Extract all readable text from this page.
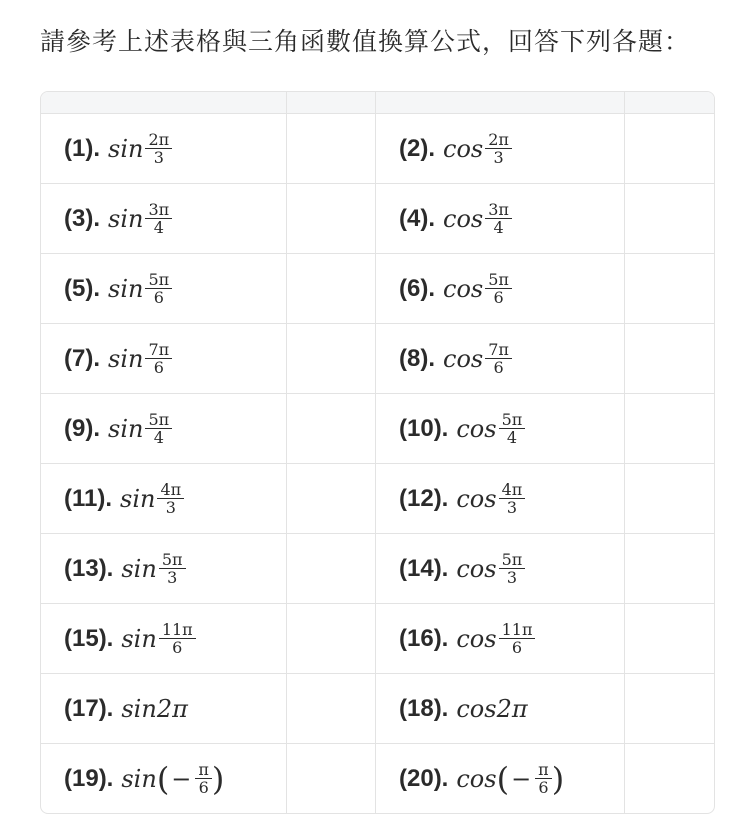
請參考上述表格與三角函數值換算公式，回答下列各題：
(1). $\sin \frac{2\pi}{3}$	(2). $\cos \frac{2\pi}{3}$
(3). $\sin \frac{3\pi}{4}$	(4). $\cos \frac{3\pi}{4}$
(5). $\sin \frac{5\pi}{6}$	(6). $\cos \frac{5\pi}{6}$
(7). $\sin \frac{7\pi}{6}$	(8). $\cos \frac{7\pi}{6}$
(9). $\sin \frac{5\pi}{4}$	(10). $\cos \frac{5\pi}{4}$
(11). $\sin \frac{4\pi}{3}$	(12). $\cos \frac{4\pi}{3}$
(13). $\sin \frac{5\pi}{3}$	(14). $\cos \frac{5\pi}{3}$
(15). $\sin \frac{11\pi}{6}$	(16). $\cos \frac{11\pi}{6}$
(17). sin 2π	(18). cos 2π
(19). sin ( − $\frac{\pi}{6}$ )	(20). cos ( − $\frac{\pi}{6}$ )
